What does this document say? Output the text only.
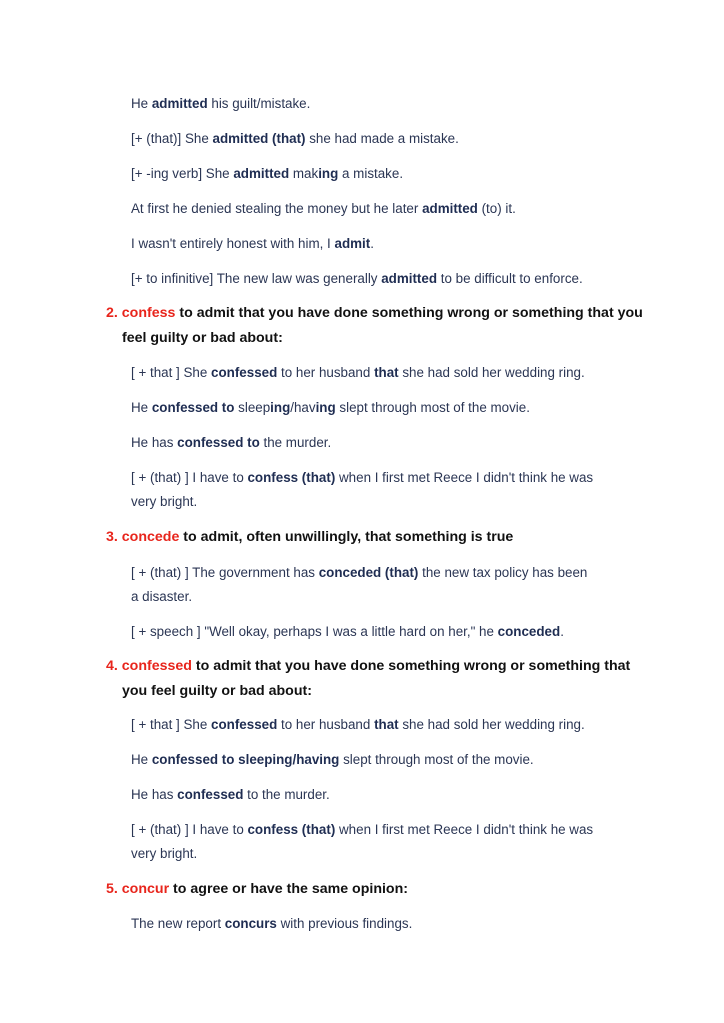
He admitted his guilt/mistake.
[+ (that)] She admitted (that) she had made a mistake.
[+ -ing verb] She admitted making a mistake.
At first he denied stealing the money but he later admitted (to) it.
I wasn't entirely honest with him, I admit.
[+ to infinitive] The new law was generally admitted to be difficult to enforce.
2. confess to admit that you have done something wrong or something that you
feel guilty or bad about:
[ + that ] She confessed to her husband that she had sold her wedding ring.
He confessed to sleeping/having slept through most of the movie.
He has confessed to the murder.
[ + (that) ] I have to confess (that) when I first met Reece I didn't think he was
very bright.
3. concede to admit, often unwillingly, that something is true
[ + (that) ] The government has conceded (that) the new tax policy has been
a disaster.
[ + speech ] "Well okay, perhaps I was a little hard on her," he conceded.
4. confessed to admit that you have done something wrong or something that
you feel guilty or bad about:
[ + that ] She confessed to her husband that she had sold her wedding ring.
He confessed to sleeping/having slept through most of the movie.
He has confessed to the murder.
[ + (that) ] I have to confess (that) when I first met Reece I didn't think he was
very bright.
5. concur to agree or have the same opinion:
The new report concurs with previous findings.
